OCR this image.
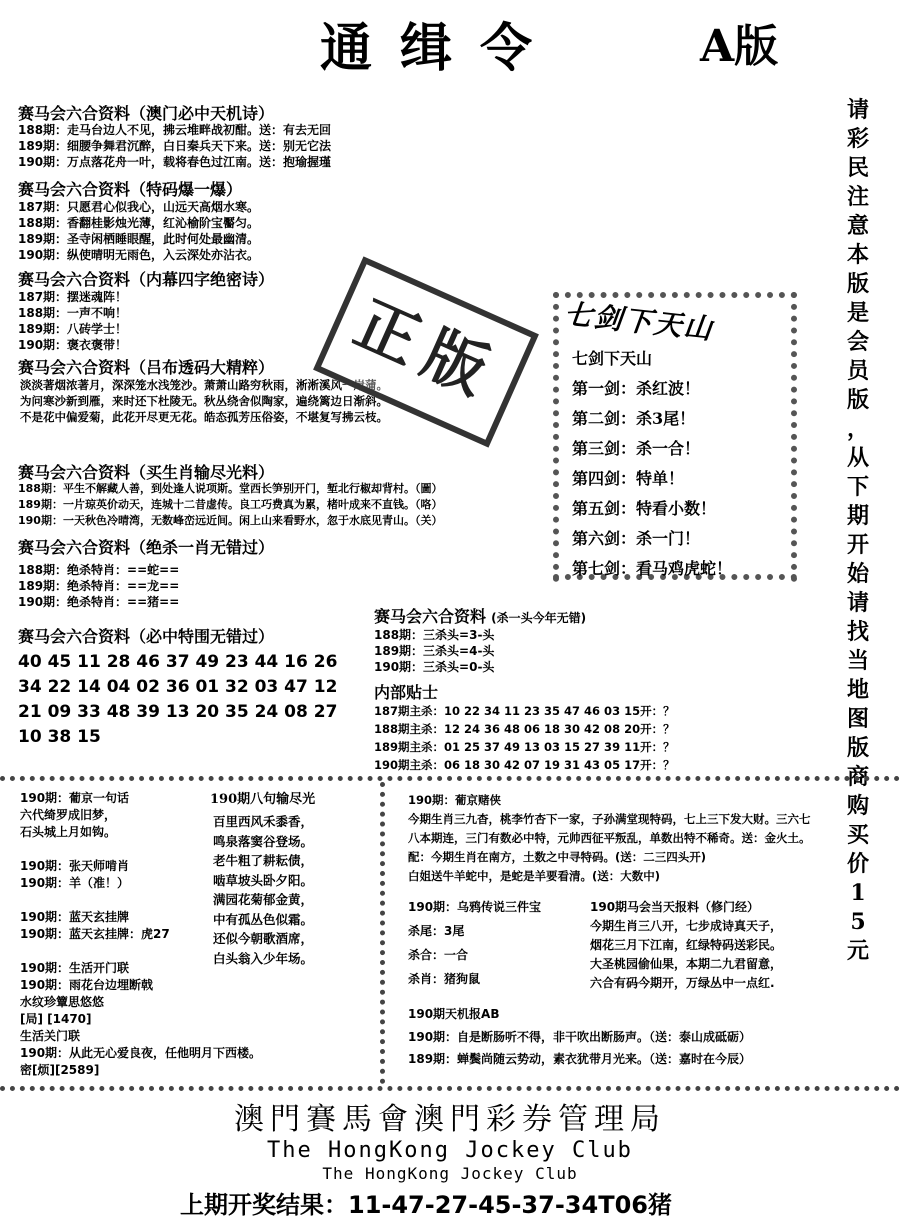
通缉令	A版
赛马会六合资料（澳门必中天机诗）
188期：走马台边人不见，拂云堆畔战初酣。送：有去无回
189期：细腰争舞君沉醉，白日秦兵天下来。送：别无它法
190期：万点落花舟一叶，载将春色过江南。送：抱瑜握瑾
赛马会六合资料（特码爆一爆）
187期：只愿君心似我心，山远天高烟水寒。
188期：香翻桂影烛光薄，红沁榆阶宝靨匀。
189期：圣寺闲栖睡眼醒，此时何处最幽清。
190期：纵使晴明无雨色，入云深处亦沾衣。
赛马会六合资料（内幕四字绝密诗）
187期：摆迷魂阵！
188期：一声不响！
189期：八砖学士！
190期：褒衣褒带！
赛马会六合资料（吕布透码大精粹）
淡淡著烟浓著月，深深笼水浅笼沙。萧萧山路穷秋雨，淅淅溪风一岸蒲。
为问寒沙新到雁，来时还下杜陵无。秋丛绕舍似陶家，遍绕篱边日渐斜。
不是花中偏爱菊，此花开尽更无花。皓态孤芳压俗姿，不堪复写拂云枝。
正版
赛马会六合资料（买生肖输尽光料）
188期：平生不解藏人善，到处逢人说项斯。堂西长笋别开门，堑北行椒却背村。（圖）
189期：一片琼英价动天，连城十二昔虚传。良工巧费真为累，楮叶成来不直钱。（咯）
190期：一天秋色冷晴湾，无数峰峦远近间。闲上山来看野水，忽于水底见青山。（关）
赛马会六合资料（绝杀一肖无错过）
188期：绝杀特肖：==蛇==
189期：绝杀特肖：==龙==
190期：绝杀特肖：==猪==
赛马会六合资料（必中特围无错过）
40 45 11 28 46 37 49 23 44 16 26
34 22 14 04 02 36 01 32 03 47 12
21 09 33 48 39 13 20 35 24 08 27
10 38 15
赛马会六合资料 (杀一头今年无错)
188期：三杀头=3-头
189期：三杀头=4-头
190期：三杀头=0-头
内部贴士
187期主杀：10 22 34 11 23 35 47 46 03 15开：？
188期主杀：12 24 36 48 06 18 30 42 08 20开：？
189期主杀：01 25 37 49 13 03 15 27 39 11开：？
190期主杀：06 18 30 42 07 19 31 43 05 17开：？
七剑下天山
七剑下天山
第一剑：杀红波！
第二剑：杀3尾！
第三剑：杀一合！
第四剑：特单！
第五剑：特看小数！
第六剑：杀一门！
第七剑：看马鸡虎蛇！
请
彩
民
注
意
本
版
是
会
员
版
，
从
下
期
开
始
请
找
当
地
图
版
商
购
买
价
1
5
元
190期：葡京一句话
六代绮罗成旧梦，
石头城上月如钩。

190期：张天师啃肖
190期：羊（准！）

190期：蓝天玄挂牌
190期：蓝天玄挂牌：虎27

190期：生活开门联
190期：雨花台边埋断戟
水纹珍簟思悠悠
[局] [1470]
生活关门联
190期：从此无心爱良夜，任他明月下西楼。
密[烦][2589]
190期八句输尽光
百里西风禾黍香，
鸣泉落窦谷登场。
老牛粗了耕耘债，
啮草坡头卧夕阳。
满园花菊郁金黄，
中有孤丛色似霜。
还似今朝歌酒席，
白头翁入少年场。
190期：葡京赌侠
今期生肖三九杳，桃李竹杏下一家，子孙满堂现特码，七上三下发大财。三六七
八本期连，三门有数必中特，元帅西征平叛乱，单数出特不稀奇。送：金火土。
配：今期生肖在南方，土数之中寻特码。(送：二三四头开)
白姐送牛羊蛇中，是蛇是羊要看清。(送：大数中)
190期：乌鸦传说三件宝
杀尾：3尾
杀合：一合
杀肖：猪狗鼠
190期马会当天报料（修门经）
今期生肖三八开，七步成诗真天子，
烟花三月下江南，红绿特码送彩民。
大圣桃园偷仙果，本期二九君留意，
六合有码今期开，万绿丛中一点红.
190期天机报AB
190期：自是断肠听不得，非干吹出断肠声。（送：泰山成砥砺）
189期：蝉鬓尚随云势动，素衣犹带月光来。（送：嘉时在今辰）
澳門賽馬會澳門彩券管理局
The HongKong Jockey Club
The HongKong Jockey Club
上期开奖结果：11-47-27-45-37-34T06猪
